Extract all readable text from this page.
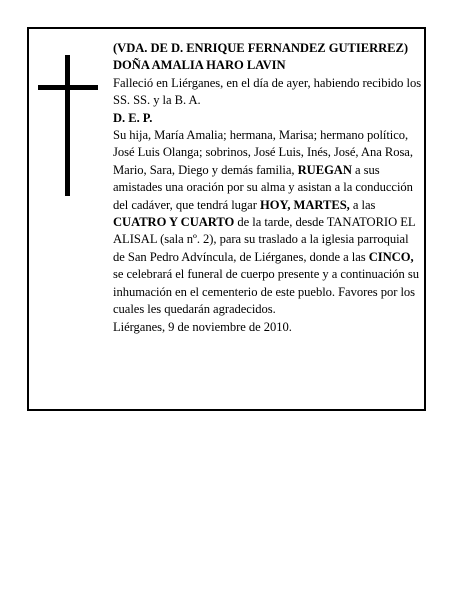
(VDA. DE D. ENRIQUE FERNANDEZ GUTIERREZ)

DOÑA AMALIA HARO LAVIN

Falleció en Liérganes, en el día de ayer, habiendo recibido los SS. SS. y la B. A.

D. E. P.

Su hija, María Amalia; hermana, Marisa; hermano político, José Luis Olanga; sobrinos, José Luis, Inés, José, Ana Rosa, Mario, Sara, Diego y demás familia, RUEGAN a sus amistades una oración por su alma y asistan a la conducción del cadáver, que tendrá lugar HOY, MARTES, a las CUATRO Y CUARTO de la tarde, desde TANATORIO EL ALISAL (sala nº. 2), para su traslado a la iglesia parroquial de San Pedro Advíncula, de Liérganes, donde a las CINCO, se celebrará el funeral de cuerpo presente y a continuación su inhumación en el cementerio de este pueblo. Favores por los cuales les quedarán agradecidos.

Liérganes, 9 de noviembre de 2010.
